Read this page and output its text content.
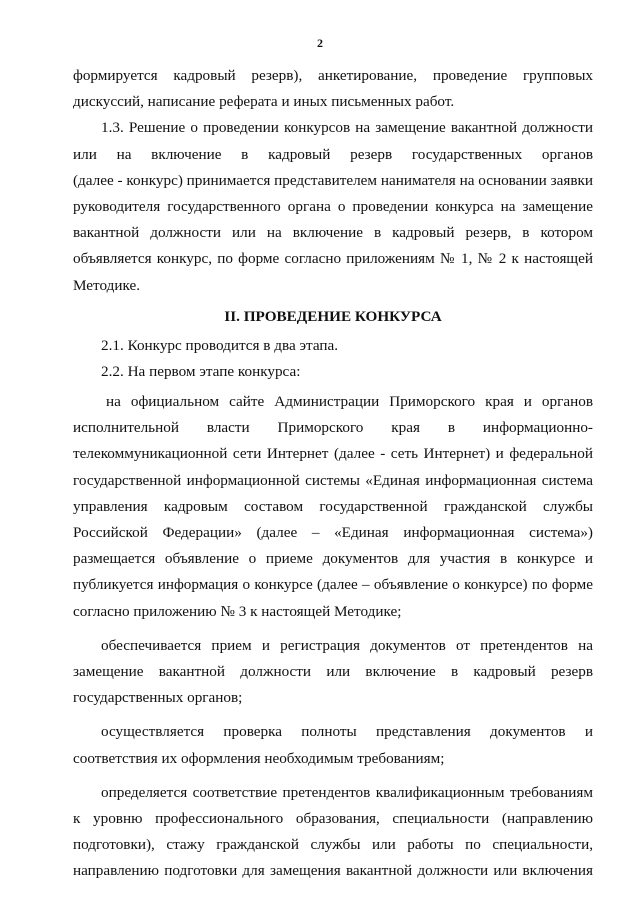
2
формируется кадровый резерв), анкетирование, проведение групповых
дискуссий, написание реферата и иных письменных работ.
1.3. Решение о проведении конкурсов на замещение вакантной должности
или на включение в кадровый резерв государственных органов
(далее - конкурс) принимается представителем нанимателя на основании заявки
руководителя государственного органа о проведении конкурса на замещение
вакантной должности или на включение в кадровый резерв, в котором
объявляется конкурс, по форме согласно приложениям № 1, № 2 к настоящей
Методике.
II. ПРОВЕДЕНИЕ КОНКУРСА
2.1. Конкурс проводится в два этапа.
2.2. На первом этапе конкурса:
на официальном сайте Администрации Приморского края и органов
исполнительной власти Приморского края в информационно-
телекоммуникационной сети Интернет (далее - сеть Интернет) и федеральной
государственной информационной системы «Единая информационная система
управления кадровым составом государственной гражданской службы
Российской Федерации» (далее – «Единая информационная система»)
размещается объявление о приеме документов для участия в конкурсе и
публикуется информация о конкурсе (далее – объявление о конкурсе) по форме
согласно приложению № 3 к настоящей Методике;
обеспечивается прием и регистрация документов от претендентов на
замещение вакантной должности или включение в кадровый резерв
государственных органов;
осуществляется проверка полноты представления документов и
соответствия их оформления необходимым требованиям;
определяется соответствие претендентов квалификационным требованиям
к уровню профессионального образования, специальности (направлению
подготовки), стажу гражданской службы или работы по специальности,
направлению подготовки для замещения вакантной должности или включения
